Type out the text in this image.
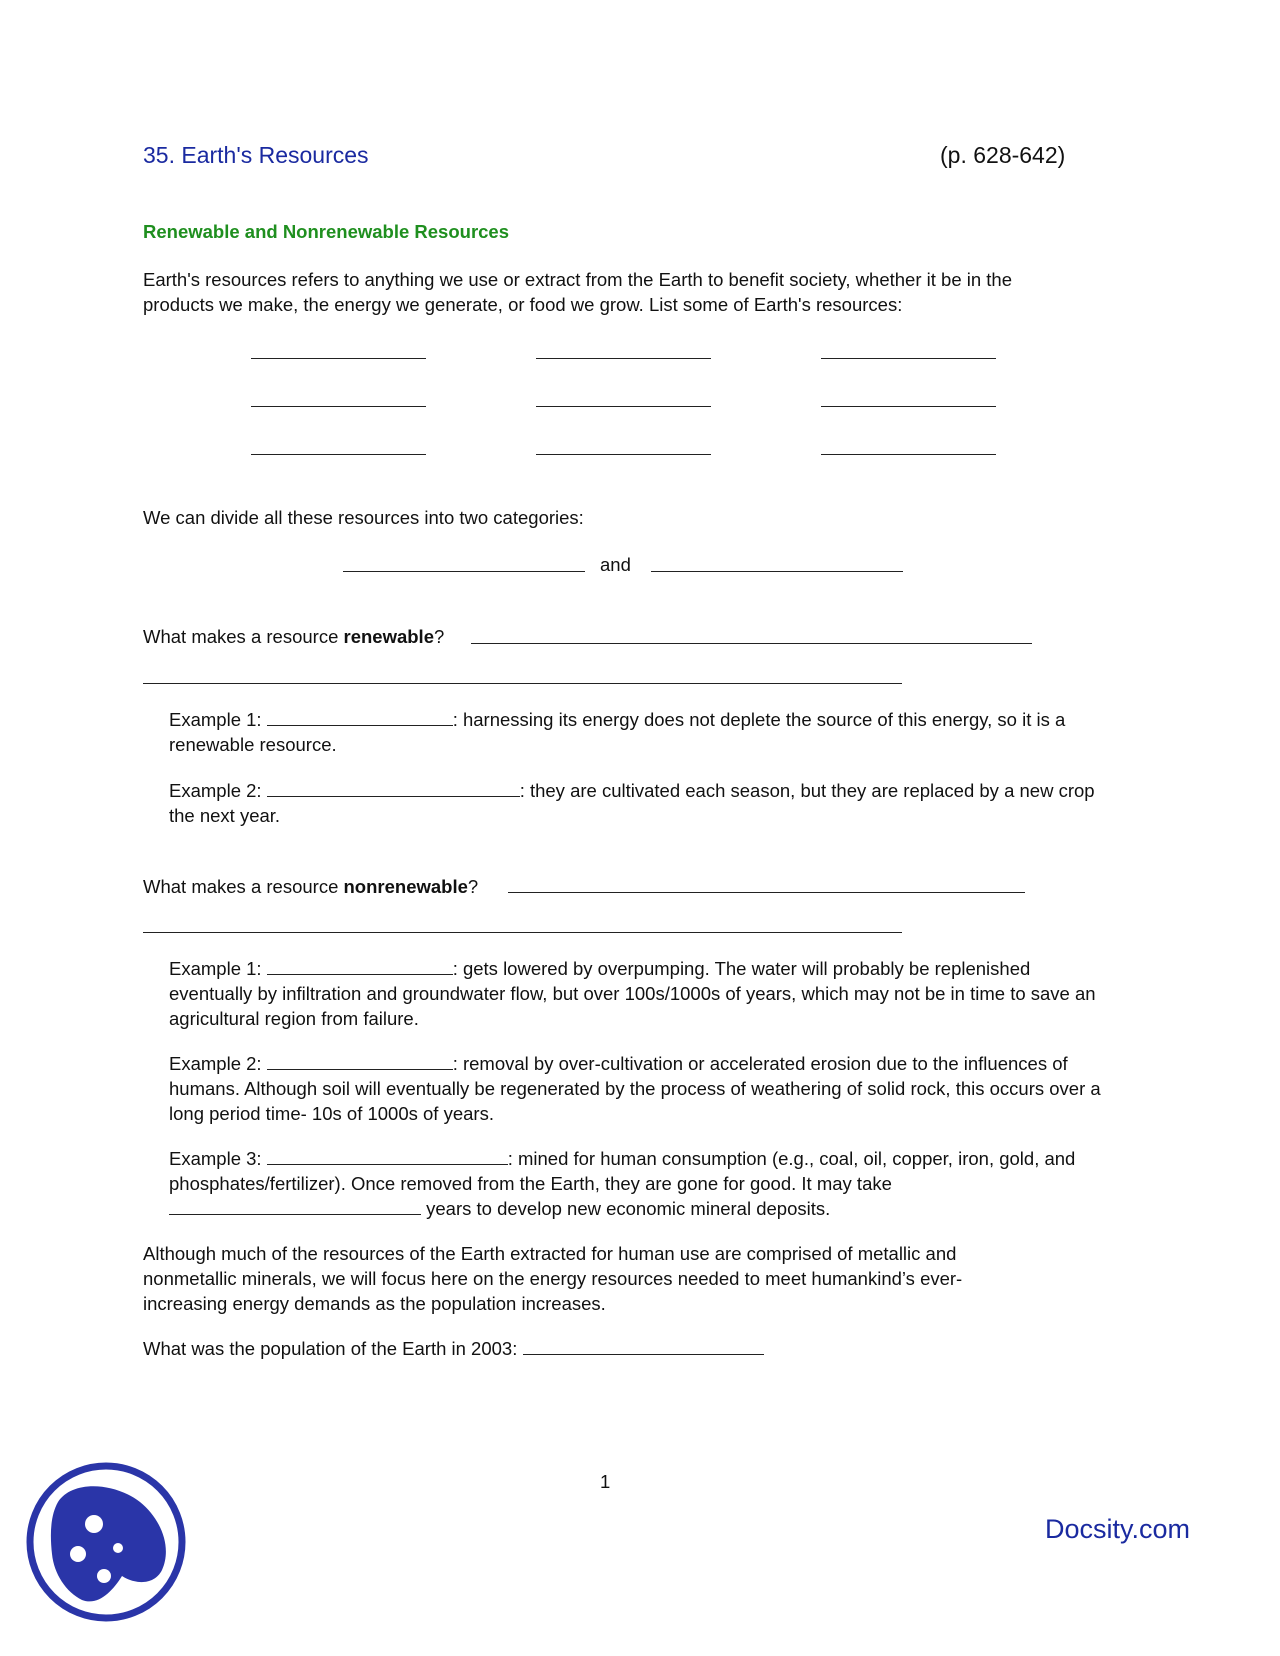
35. Earth's Resources	(p. 628-642)
Renewable and Nonrenewable Resources
Earth's resources refers to anything we use or extract from the Earth to benefit society, whether it be in the products we make, the energy we generate, or food we grow. List some of Earth's resources:
We can divide all these resources into two categories:
and
What makes a resource renewable?
Example 1:	: harnessing its energy does not deplete the source of this energy, so it is a renewable resource.
Example 2:	: they are cultivated each season, but they are replaced by a new crop the next year.
What makes a resource nonrenewable?
Example 1:	: gets lowered by overpumping. The water will probably be replenished eventually by infiltration and groundwater flow, but over 100s/1000s of years, which may not be in time to save an agricultural region from failure.
Example 2:	: removal by over-cultivation or accelerated erosion due to the influences of humans. Although soil will eventually be regenerated by the process of weathering of solid rock, this occurs over a long period time- 10s of 1000s of years.
Example 3:	: mined for human consumption (e.g., coal, oil, copper, iron, gold, and phosphates/fertilizer). Once removed from the Earth, they are gone for good. It may take
years to develop new economic mineral deposits.
Although much of the resources of the Earth extracted for human use are comprised of metallic and nonmetallic minerals, we will focus here on the energy resources needed to meet humankind’s ever-increasing energy demands as the population increases.
What was the population of the Earth in 2003:
1
Docsity.com
